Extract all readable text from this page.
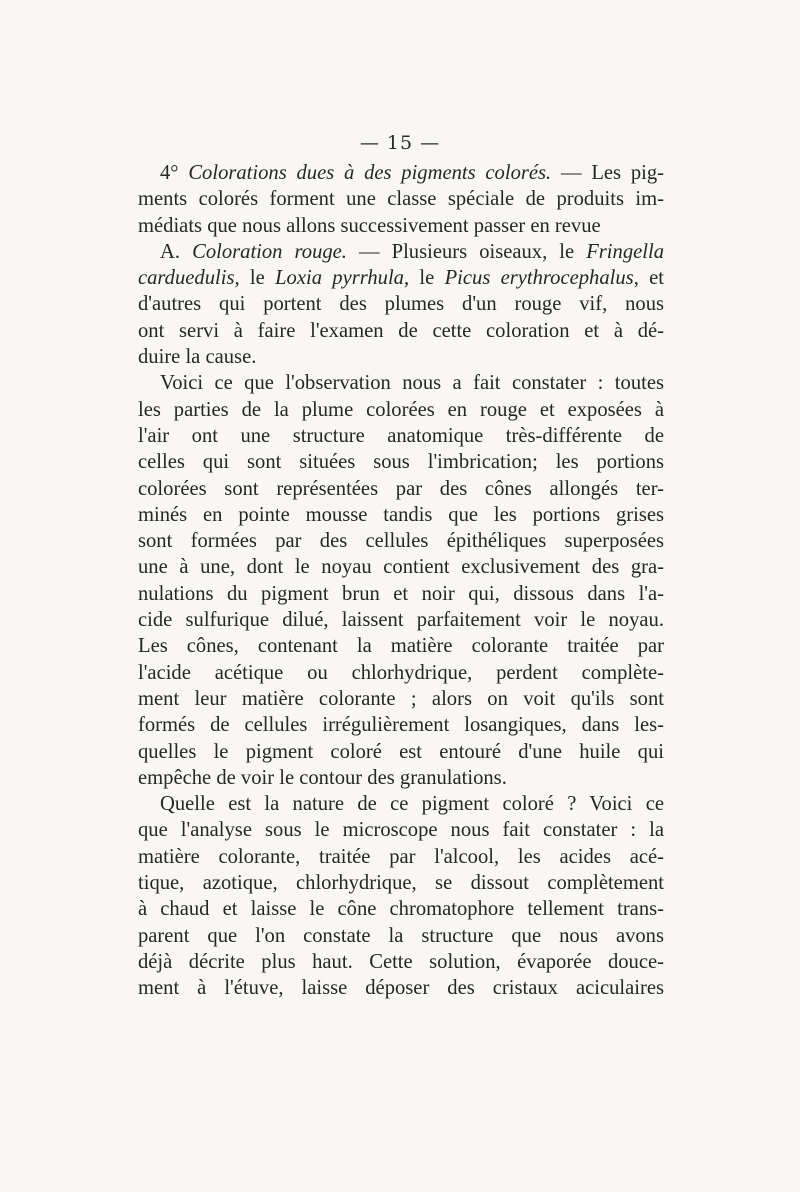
— 15 —
4° Colorations dues à des pigments colorés. — Les pig-
ments colorés forment une classe spéciale de produits im-
médiats que nous allons successivement passer en revue
A. Coloration rouge. — Plusieurs oiseaux, le Fringella
carduedulis, le Loxia pyrrhula, le Picus erythrocephalus, et
d'autres qui portent des plumes d'un rouge vif, nous
ont servi à faire l'examen de cette coloration et à dé-
duire la cause.
Voici ce que l'observation nous a fait constater : toutes
les parties de la plume colorées en rouge et exposées à
l'air ont une structure anatomique très-différente de
celles qui sont situées sous l'imbrication; les portions
colorées sont représentées par des cônes allongés ter-
minés en pointe mousse tandis que les portions grises
sont formées par des cellules épithéliques superposées
une à une, dont le noyau contient exclusivement des gra-
nulations du pigment brun et noir qui, dissous dans l'a-
cide sulfurique dilué, laissent parfaitement voir le noyau.
Les cônes, contenant la matière colorante traitée par
l'acide acétique ou chlorhydrique, perdent complète-
ment leur matière colorante ; alors on voit qu'ils sont
formés de cellules irrégulièrement losangiques, dans les-
quelles le pigment coloré est entouré d'une huile qui
empêche de voir le contour des granulations.
Quelle est la nature de ce pigment coloré ? Voici ce
que l'analyse sous le microscope nous fait constater : la
matière colorante, traitée par l'alcool, les acides acé-
tique, azotique, chlorhydrique, se dissout complètement
à chaud et laisse le cône chromatophore tellement trans-
parent que l'on constate la structure que nous avons
déjà décrite plus haut. Cette solution, évaporée douce-
ment à l'étuve, laisse déposer des cristaux aciculaires
